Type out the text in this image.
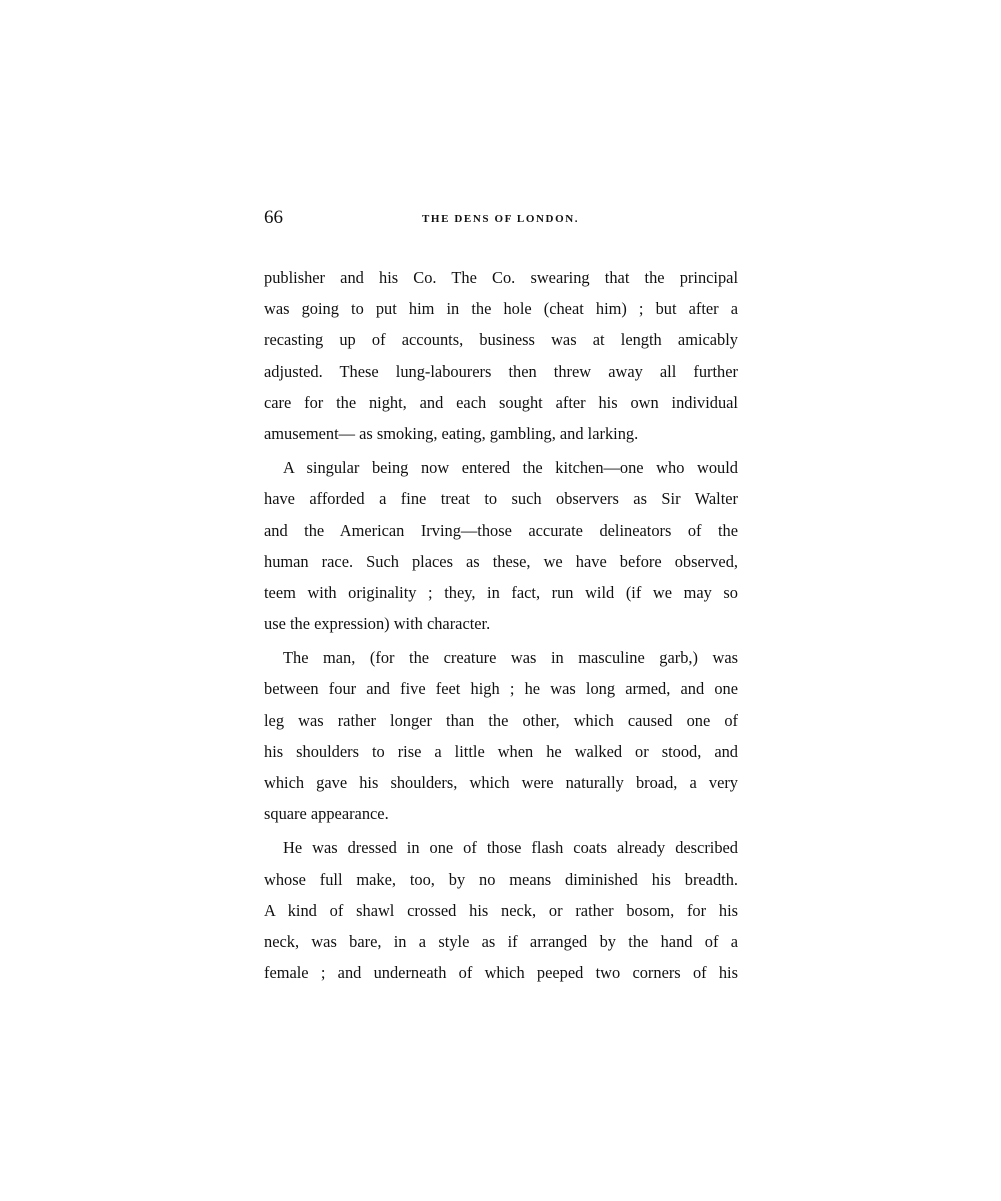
66	THE DENS OF LONDON.
publisher and his Co. The Co. swearing that the principal
was going to put him in the hole (cheat him) ; but after a
recasting up of accounts, business was at length amicably
adjusted. These lung-labourers then threw away all further
care for the night, and each sought after his own individual
amusement— as smoking, eating, gambling, and larking.
A singular being now entered the kitchen—one who would
have afforded a fine treat to such observers as Sir Walter
and the American Irving—those accurate delineators of the
human race. Such places as these, we have before observed,
teem with originality ; they, in fact, run wild (if we may so
use the expression) with character.
The man, (for the creature was in masculine garb,) was
between four and five feet high ; he was long armed, and one
leg was rather longer than the other, which caused one of
his shoulders to rise a little when he walked or stood, and
which gave his shoulders, which were naturally broad, a very
square appearance.
He was dressed in one of those flash coats already described
whose full make, too, by no means diminished his breadth.
A kind of shawl crossed his neck, or rather bosom, for his
neck, was bare, in a style as if arranged by the hand of a
female ; and underneath of which peeped two corners of his
